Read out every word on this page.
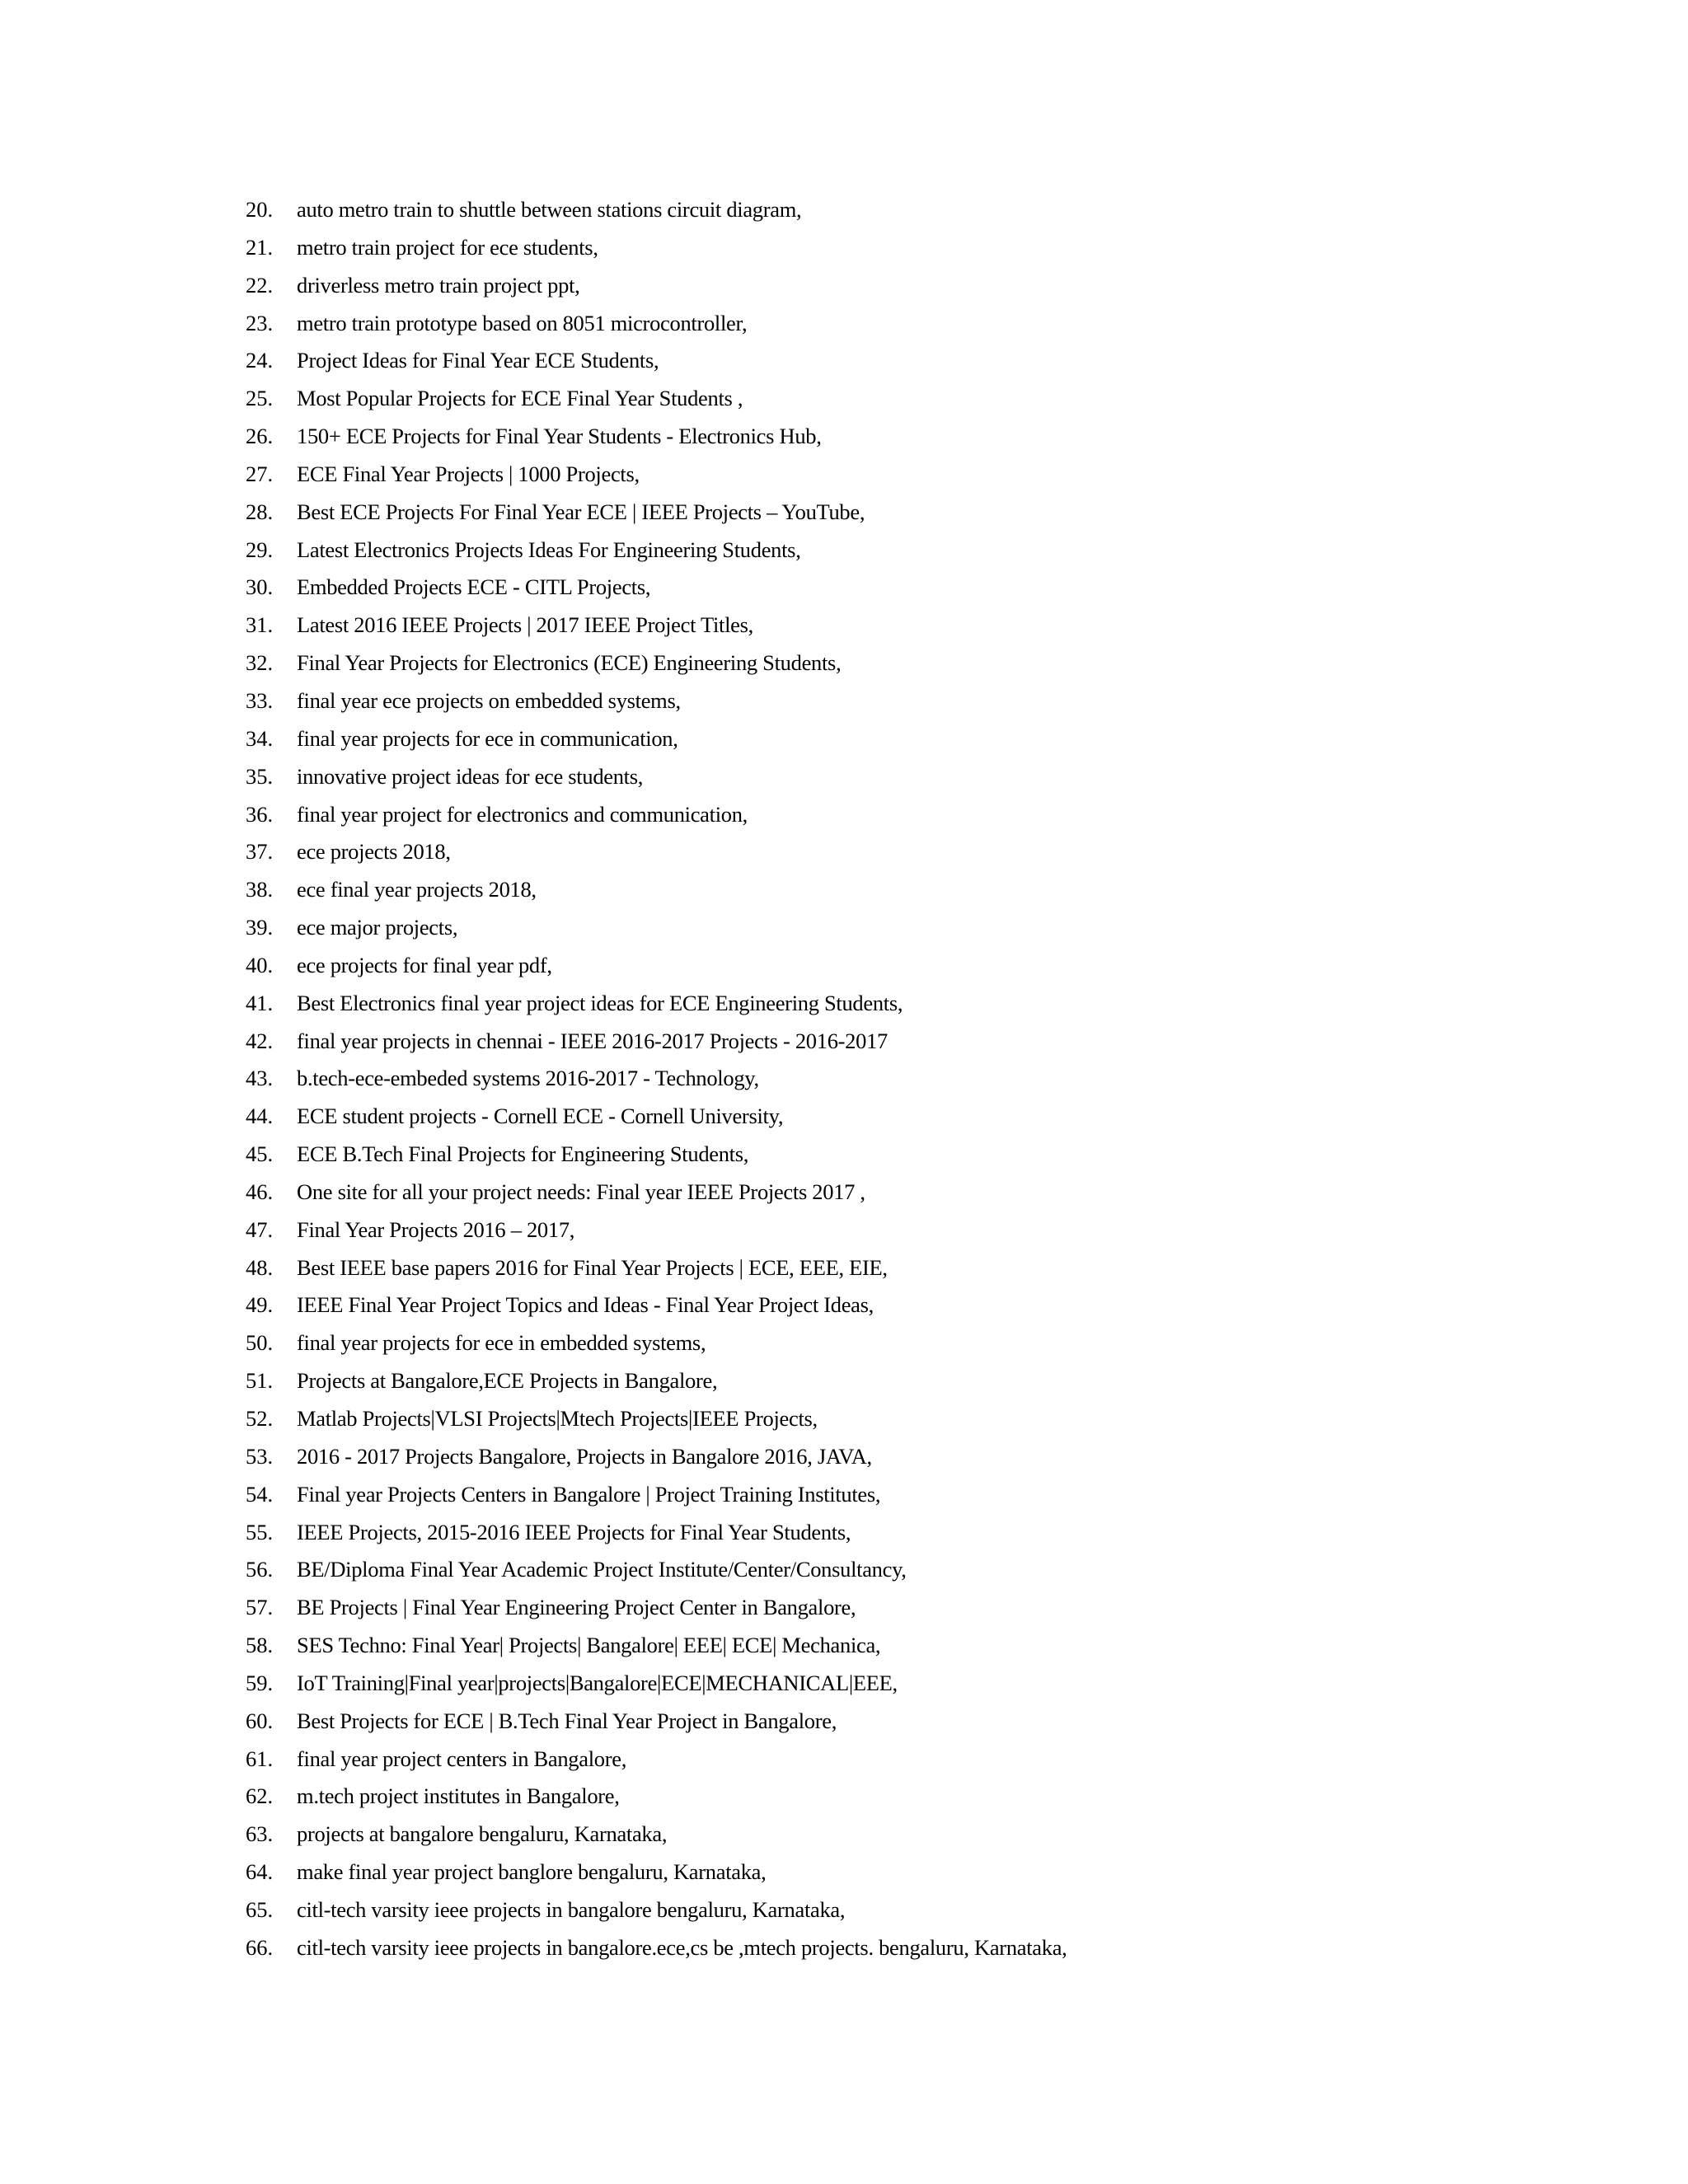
20.	auto metro train to shuttle between stations circuit diagram,
21.	metro train project for ece students,
22.	driverless metro train project ppt,
23.	metro train prototype based on 8051 microcontroller,
24.	Project Ideas for Final Year ECE Students,
25.	Most Popular Projects for ECE Final Year Students ,
26.	150+ ECE Projects for Final Year Students - Electronics Hub,
27.	ECE Final Year Projects | 1000 Projects,
28.	Best ECE Projects For Final Year ECE | IEEE Projects – YouTube,
29.	Latest Electronics Projects Ideas For Engineering Students,
30.	Embedded Projects ECE - CITL Projects,
31.	Latest 2016 IEEE Projects | 2017 IEEE Project Titles,
32.	Final Year Projects for Electronics (ECE) Engineering Students,
33.	final year ece projects on embedded systems,
34.	final year projects for ece in communication,
35.	innovative project ideas for ece students,
36.	final year project for electronics and communication,
37.	ece projects 2018,
38.	ece final year projects 2018,
39.	ece major projects,
40.	ece projects for final year pdf,
41.	Best Electronics final year project ideas for ECE Engineering Students,
42.	final year projects in chennai - IEEE 2016-2017 Projects - 2016-2017
43.	b.tech-ece-embeded systems 2016-2017 - Technology,
44.	ECE student projects - Cornell ECE - Cornell University,
45.	ECE B.Tech Final Projects for Engineering Students,
46.	One site for all your project needs: Final year IEEE Projects 2017 ,
47.	Final Year Projects 2016 – 2017,
48.	Best IEEE base papers 2016 for Final Year Projects | ECE, EEE, EIE,
49.	IEEE Final Year Project Topics and Ideas - Final Year Project Ideas,
50.	final year projects for ece in embedded systems,
51.	Projects at Bangalore,ECE Projects in Bangalore,
52.	Matlab Projects|VLSI Projects|Mtech Projects|IEEE Projects,
53.	2016 - 2017 Projects Bangalore, Projects in Bangalore 2016, JAVA,
54.	Final year Projects Centers in Bangalore | Project Training Institutes,
55.	IEEE Projects, 2015-2016 IEEE Projects for Final Year Students,
56.	BE/Diploma Final Year Academic Project Institute/Center/Consultancy,
57.	BE Projects | Final Year Engineering Project Center in Bangalore,
58.	SES Techno: Final Year| Projects| Bangalore| EEE| ECE| Mechanica,
59.	IoT Training|Final year|projects|Bangalore|ECE|MECHANICAL|EEE,
60.	Best Projects for ECE | B.Tech Final Year Project in Bangalore,
61.	final year project centers in Bangalore,
62.	m.tech project institutes in Bangalore,
63.	projects at bangalore bengaluru, Karnataka,
64.	make final year project banglore bengaluru, Karnataka,
65.	citl-tech varsity ieee projects in bangalore bengaluru, Karnataka,
66.	citl-tech varsity ieee projects in bangalore.ece,cs be ,mtech projects. bengaluru, Karnataka,
